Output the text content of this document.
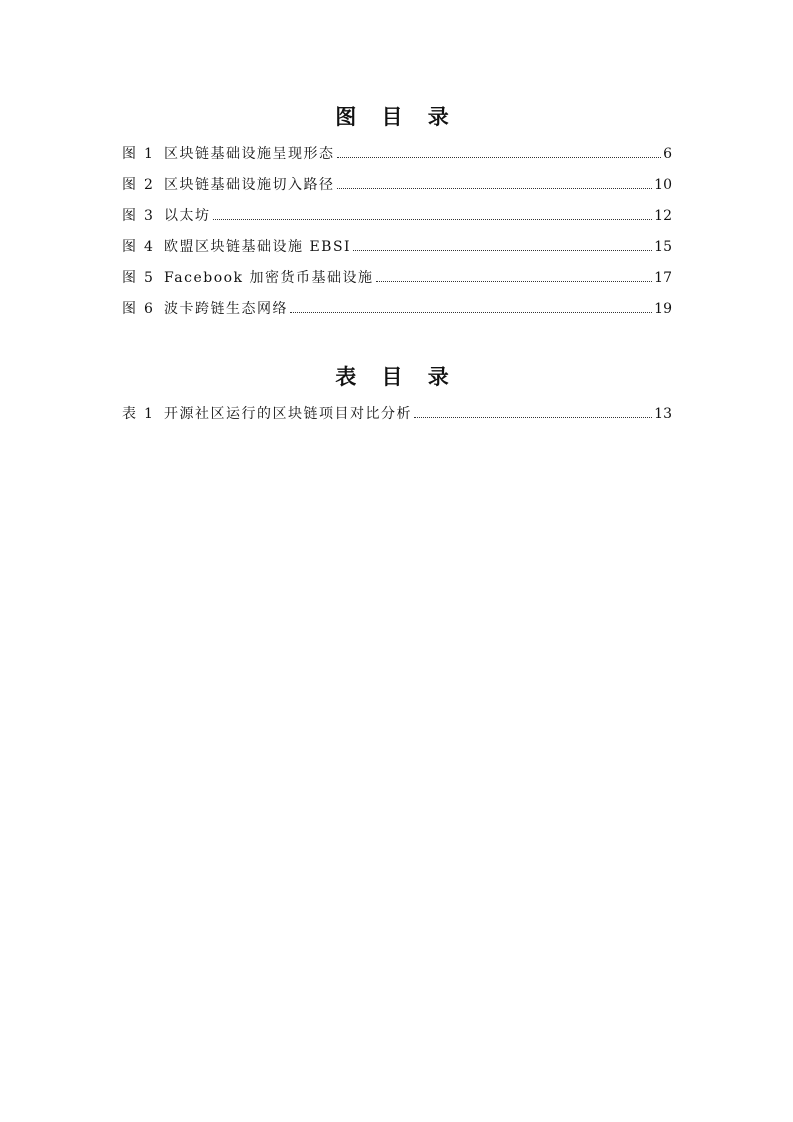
图 目 录
图 1 区块链基础设施呈现形态	6
图 2 区块链基础设施切入路径	10
图 3 以太坊	12
图 4 欧盟区块链基础设施 EBSI	15
图 5 Facebook 加密货币基础设施	17
图 6 波卡跨链生态网络	19
表 目 录
表 1 开源社区运行的区块链项目对比分析	13
